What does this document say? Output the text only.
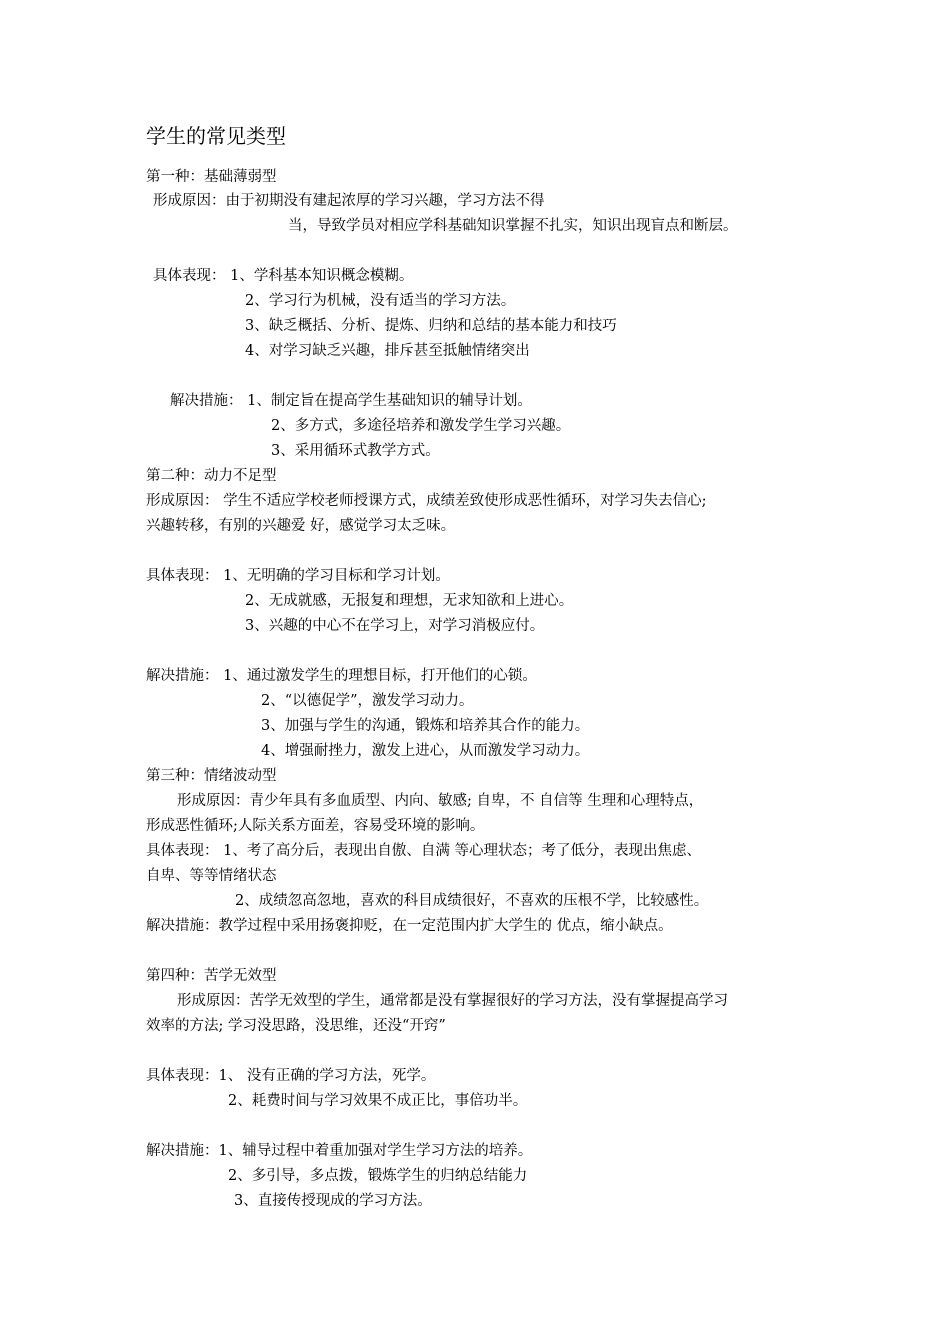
学生的常见类型
第一种：基础薄弱型
形成原因：由于初期没有建起浓厚的学习兴趣，学习方法不得
当，导致学员对相应学科基础知识掌握不扎实，知识出现盲点和断层。
具体表现： 1、学科基本知识概念模糊。
2、学习行为机械，没有适当的学习方法。
3、缺乏概括、分析、提炼、归纳和总结的基本能力和技巧
4、对学习缺乏兴趣，排斥甚至抵触情绪突出
解决措施： 1、制定旨在提高学生基础知识的辅导计划。
2、多方式，多途径培养和激发学生学习兴趣。
3、采用循环式教学方式。
第二种：动力不足型
形成原因： 学生不适应学校老师授课方式，成绩差致使形成恶性循环，对学习失去信心;
兴趣转移，有别的兴趣爱 好，感觉学习太乏味。
具体表现： 1、无明确的学习目标和学习计划。
2、无成就感，无报复和理想，无求知欲和上进心。
3、兴趣的中心不在学习上，对学习消极应付。
解决措施： 1、通过激发学生的理想目标，打开他们的心锁。
2、“以德促学”，激发学习动力。
3、加强与学生的沟通，锻炼和培养其合作的能力。
4、增强耐挫力，激发上进心，从而激发学习动力。
第三种：情绪波动型
形成原因：青少年具有多血质型、内向、敏感; 自卑，不 自信等 生理和心理特点，
形成恶性循环;人际关系方面差，容易受环境的影响。
具体表现： 1、考了高分后，表现出自傲、自满 等心理状态；考了低分，表现出焦虑、
自卑、等等情绪状态
2、成绩忽高忽地，喜欢的科目成绩很好，不喜欢的压根不学，比较感性。
解决措施：教学过程中采用扬褒抑贬，在一定范围内扩大学生的 优点，缩小缺点。
第四种：苦学无效型
形成原因：苦学无效型的学生，通常都是没有掌握很好的学习方法，没有掌握提高学习
效率的方法; 学习没思路，没思维，还没“开窍”
具体表现：1、 没有正确的学习方法，死学。
2、耗费时间与学习效果不成正比，事倍功半。
解决措施：1、辅导过程中着重加强对学生学习方法的培养。
2、多引导，多点拨，锻炼学生的归纳总结能力
3、直接传授现成的学习方法。
